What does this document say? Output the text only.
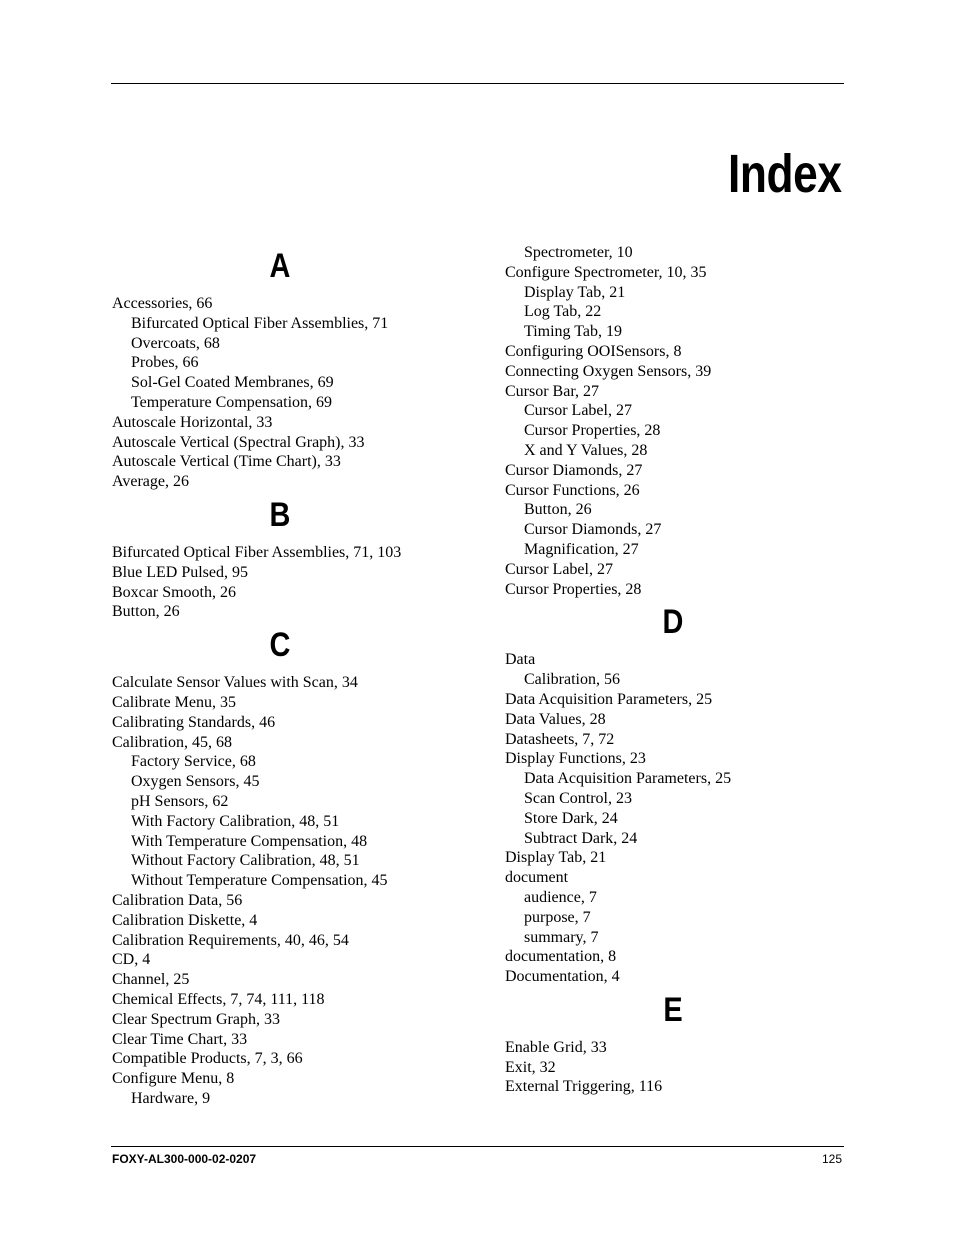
Index
A
Accessories, 66
Bifurcated Optical Fiber Assemblies, 71
Overcoats, 68
Probes, 66
Sol-Gel Coated Membranes, 69
Temperature Compensation, 69
Autoscale Horizontal, 33
Autoscale Vertical (Spectral Graph), 33
Autoscale Vertical (Time Chart), 33
Average, 26
B
Bifurcated Optical Fiber Assemblies, 71, 103
Blue LED Pulsed, 95
Boxcar Smooth, 26
Button, 26
C
Calculate Sensor Values with Scan, 34
Calibrate Menu, 35
Calibrating Standards, 46
Calibration, 45, 68
Factory Service, 68
Oxygen Sensors, 45
pH Sensors, 62
With Factory Calibration, 48, 51
With Temperature Compensation, 48
Without Factory Calibration, 48, 51
Without Temperature Compensation, 45
Calibration Data, 56
Calibration Diskette, 4
Calibration Requirements, 40, 46, 54
CD, 4
Channel, 25
Chemical Effects, 7, 74, 111, 118
Clear Spectrum Graph, 33
Clear Time Chart, 33
Compatible Products, 7, 3, 66
Configure Menu, 8
Hardware, 9
Spectrometer, 10
Configure Spectrometer, 10, 35
Display Tab, 21
Log Tab, 22
Timing Tab, 19
Configuring OOISensors, 8
Connecting Oxygen Sensors, 39
Cursor Bar, 27
Cursor Label, 27
Cursor Properties, 28
X and Y Values, 28
Cursor Diamonds, 27
Cursor Functions, 26
Button, 26
Cursor Diamonds, 27
Magnification, 27
Cursor Label, 27
Cursor Properties, 28
D
Data
Calibration, 56
Data Acquisition Parameters, 25
Data Values, 28
Datasheets, 7, 72
Display Functions, 23
Data Acquisition Parameters, 25
Scan Control, 23
Store Dark, 24
Subtract Dark, 24
Display Tab, 21
document
audience, 7
purpose, 7
summary, 7
documentation, 8
Documentation, 4
E
Enable Grid, 33
Exit, 32
External Triggering, 116
FOXY-AL300-000-02-0207	125
